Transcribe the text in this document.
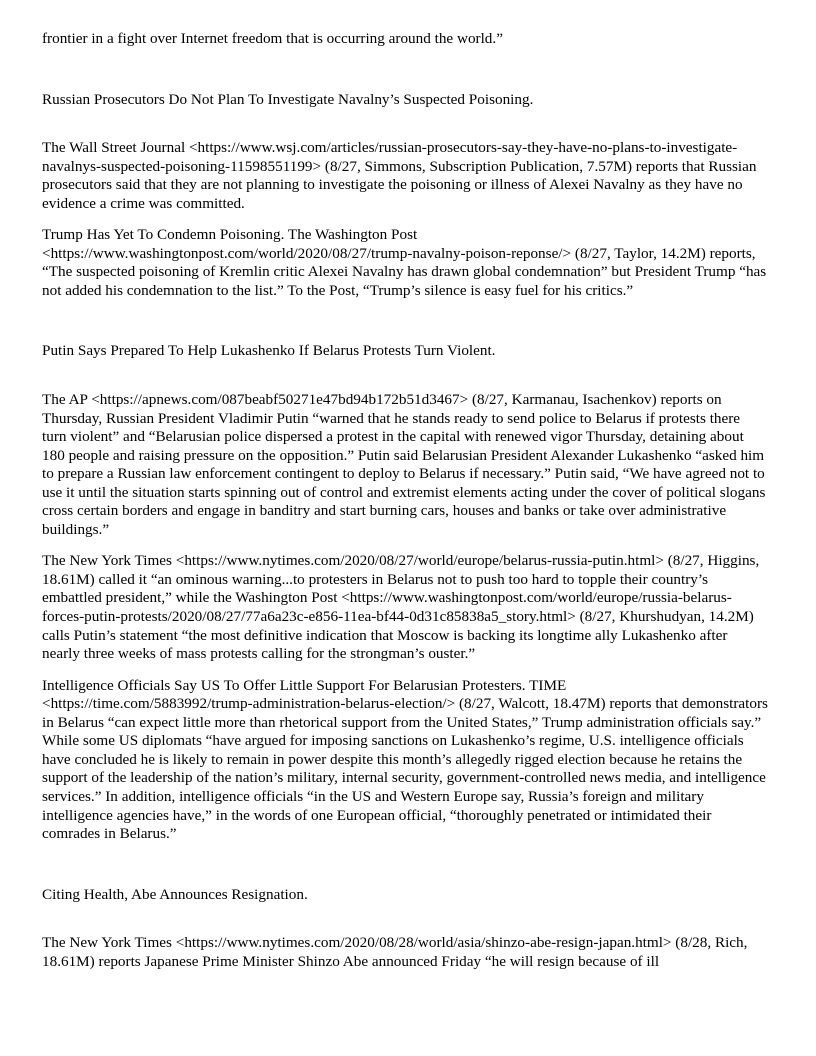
frontier in a fight over Internet freedom that is occurring around the world.”

Russian Prosecutors Do Not Plan To Investigate Navalny’s Suspected Poisoning.

The Wall Street Journal <https://www.wsj.com/articles/russian-prosecutors-say-they-have-no-plans-to-investigate-navalnys-suspected-poisoning-11598551199> (8/27, Simmons, Subscription Publication, 7.57M) reports that Russian prosecutors said that they are not planning to investigate the poisoning or illness of Alexei Navalny as they have no evidence a crime was committed.

Trump Has Yet To Condemn Poisoning. The Washington Post <https://www.washingtonpost.com/world/2020/08/27/trump-navalny-poison-reponse/> (8/27, Taylor, 14.2M) reports, “The suspected poisoning of Kremlin critic Alexei Navalny has drawn global condemnation” but President Trump “has not added his condemnation to the list.” To the Post, “Trump’s silence is easy fuel for his critics.”

Putin Says Prepared To Help Lukashenko If Belarus Protests Turn Violent.

The AP <https://apnews.com/087beabf50271e47bd94b172b51d3467> (8/27, Karmanau, Isachenkov) reports on Thursday, Russian President Vladimir Putin “warned that he stands ready to send police to Belarus if protests there turn violent” and “Belarusian police dispersed a protest in the capital with renewed vigor Thursday, detaining about 180 people and raising pressure on the opposition.” Putin said Belarusian President Alexander Lukashenko “asked him to prepare a Russian law enforcement contingent to deploy to Belarus if necessary.” Putin said, “We have agreed not to use it until the situation starts spinning out of control and extremist elements acting under the cover of political slogans cross certain borders and engage in banditry and start burning cars, houses and banks or take over administrative buildings.”

The New York Times <https://www.nytimes.com/2020/08/27/world/europe/belarus-russia-putin.html> (8/27, Higgins, 18.61M) called it “an ominous warning...to protesters in Belarus not to push too hard to topple their country’s embattled president,” while the Washington Post <https://www.washingtonpost.com/world/europe/russia-belarus-forces-putin-protests/2020/08/27/77a6a23c-e856-11ea-bf44-0d31c85838a5_story.html> (8/27, Khurshudyan, 14.2M) calls Putin’s statement “the most definitive indication that Moscow is backing its longtime ally Lukashenko after nearly three weeks of mass protests calling for the strongman’s ouster.”

Intelligence Officials Say US To Offer Little Support For Belarusian Protesters. TIME <https://time.com/5883992/trump-administration-belarus-election/> (8/27, Walcott, 18.47M) reports that demonstrators in Belarus “can expect little more than rhetorical support from the United States,” Trump administration officials say.” While some US diplomats “have argued for imposing sanctions on Lukashenko’s regime, U.S. intelligence officials have concluded he is likely to remain in power despite this month’s allegedly rigged election because he retains the support of the leadership of the nation’s military, internal security, government-controlled news media, and intelligence services.” In addition, intelligence officials “in the US and Western Europe say, Russia’s foreign and military intelligence agencies have,” in the words of one European official, “thoroughly penetrated or intimidated their comrades in Belarus.”

Citing Health, Abe Announces Resignation.

The New York Times <https://www.nytimes.com/2020/08/28/world/asia/shinzo-abe-resign-japan.html> (8/28, Rich, 18.61M) reports Japanese Prime Minister Shinzo Abe announced Friday “he will resign because of ill
